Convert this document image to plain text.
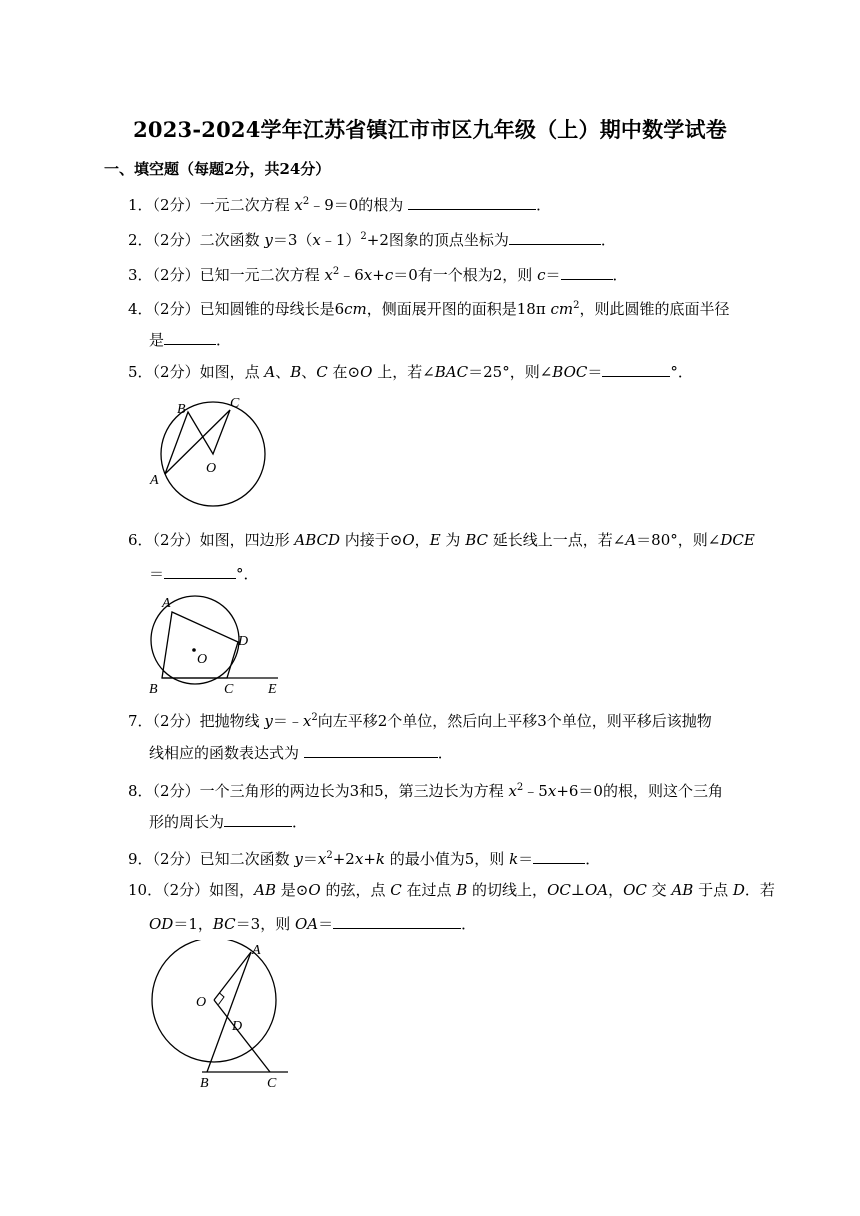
2023-2024学年江苏省镇江市市区九年级（上）期中数学试卷
一、填空题（每题2分，共24分）
1．（2分）一元二次方程 $x^2﹣9=0$的根为	．
2．（2分）二次函数 y＝3（x﹣1）$^2$+2图象的顶点坐标为	．
3．（2分）已知一元二次方程 $x^2﹣6x+c=0$有一个根为2，则 c＝	．
4．（2分）已知圆锥的母线长是6cm，侧面展开图的面积是18π $cm^2$，则此圆锥的底面半径
是	．
5．（2分）如图，点 A、B、C 在⊙O 上，若∠BAC＝25°，则∠BOC＝	°．
A
B	C
O
6．（2分）如图，四边形 ABCD 内接于⊙O，E 为 BC 延长线上一点，若∠A＝80°，则∠DCE
＝	°．
A
D
O
B	C E
7．（2分）把抛物线 $y=﹣x^2$向左平移2个单位，然后向上平移3个单位，则平移后该抛物
线相应的函数表达式为	．
8．（2分）一个三角形的两边长为3和5，第三边长为方程 $x^2﹣5x+6=0$的根，则这个三角
形的周长为	．
9．（2分）已知二次函数 $y=x^2+2x+k$ 的最小值为5，则 k＝	．
10．（2分）如图，AB 是⊙O 的弦，点 C 在过点 B 的切线上，OC⊥OA，OC 交 AB 于点 D．若
OD＝1，BC＝3，则 OA＝	．
A
O
D
B	C
